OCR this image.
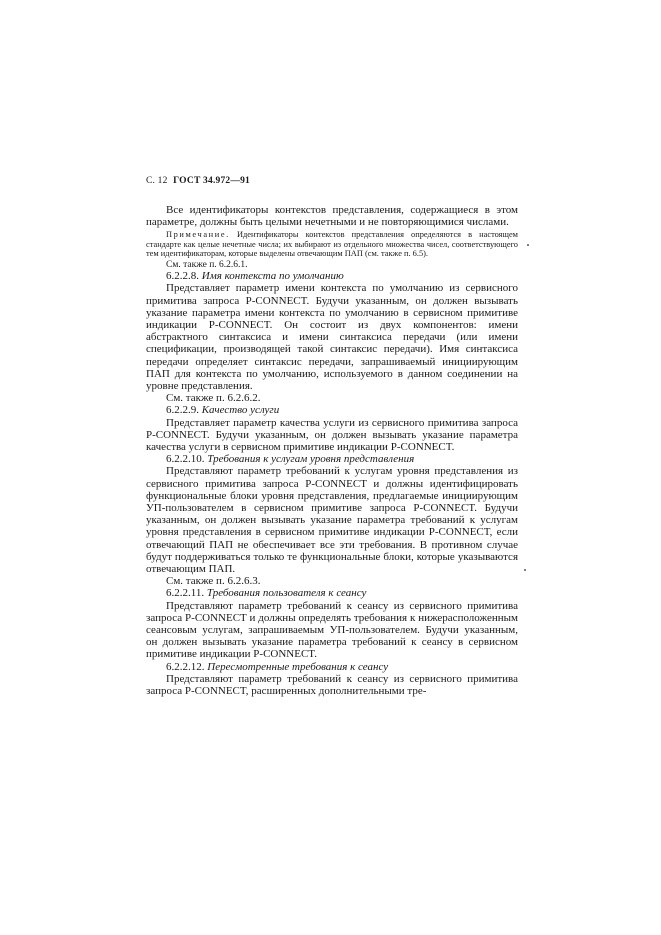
С. 12 ГОСТ 34.972—91

Все идентификаторы контекстов представления, содержащиеся в этом параметре, должны быть целыми нечетными и не повторяющимися числами.

Примечание. Идентификаторы контекстов представления определяются в настоящем стандарте как целые нечетные числа; их выбирают из отдельного множества чисел, соответствующего тем идентификаторам, которые выделены отвечающим ПАП (см. также п. 6.5).

См. также п. 6.2.6.1.

6.2.2.8. Имя контекста по умолчанию

Представляет параметр имени контекста по умолчанию из сервисного примитива запроса P-CONNECT. Будучи указанным, он должен вызывать указание параметра имени контекста по умолчанию в сервисном примитиве индикации P-CONNECT. Он состоит из двух компонентов: имени абстрактного синтаксиса и имени синтаксиса передачи (или имени спецификации, производящей такой синтаксис передачи). Имя синтаксиса передачи определяет синтаксис передачи, запрашиваемый инициирующим ПАП для контекста по умолчанию, используемого в данном соединении на уровне представления.

См. также п. 6.2.6.2.

6.2.2.9. Качество услуги

Представляет параметр качества услуги из сервисного примитива запроса P-CONNECT. Будучи указанным, он должен вызывать указание параметра качества услуги в сервисном примитиве индикации P-CONNECT.

6.2.2.10. Требования к услугам уровня представления

Представляют параметр требований к услугам уровня представления из сервисного примитива запроса P-CONNECT и должны идентифицировать функциональные блоки уровня представления, предлагаемые инициирующим УП-пользователем в сервисном примитиве запроса P-CONNECT. Будучи указанным, он должен вызывать указание параметра требований к услугам уровня представления в сервисном примитиве индикации P-CONNECT, если отвечающий ПАП не обеспечивает все эти требования. В противном случае будут поддерживаться только те функциональные блоки, которые указываются отвечающим ПАП.

См. также п. 6.2.6.3.

6.2.2.11. Требования пользователя к сеансу

Представляют параметр требований к сеансу из сервисного примитива запроса P-CONNECT и должны определять требования к нижерасположенным сеансовым услугам, запрашиваемым УП-пользователем. Будучи указанным, он должен вызывать указание параметра требований к сеансу в сервисном примитиве индикации P-CONNECT.

6.2.2.12. Пересмотренные требования к сеансу

Представляют параметр требований к сеансу из сервисного примитива запроса P-CONNECT, расширенных дополнительными тре-
